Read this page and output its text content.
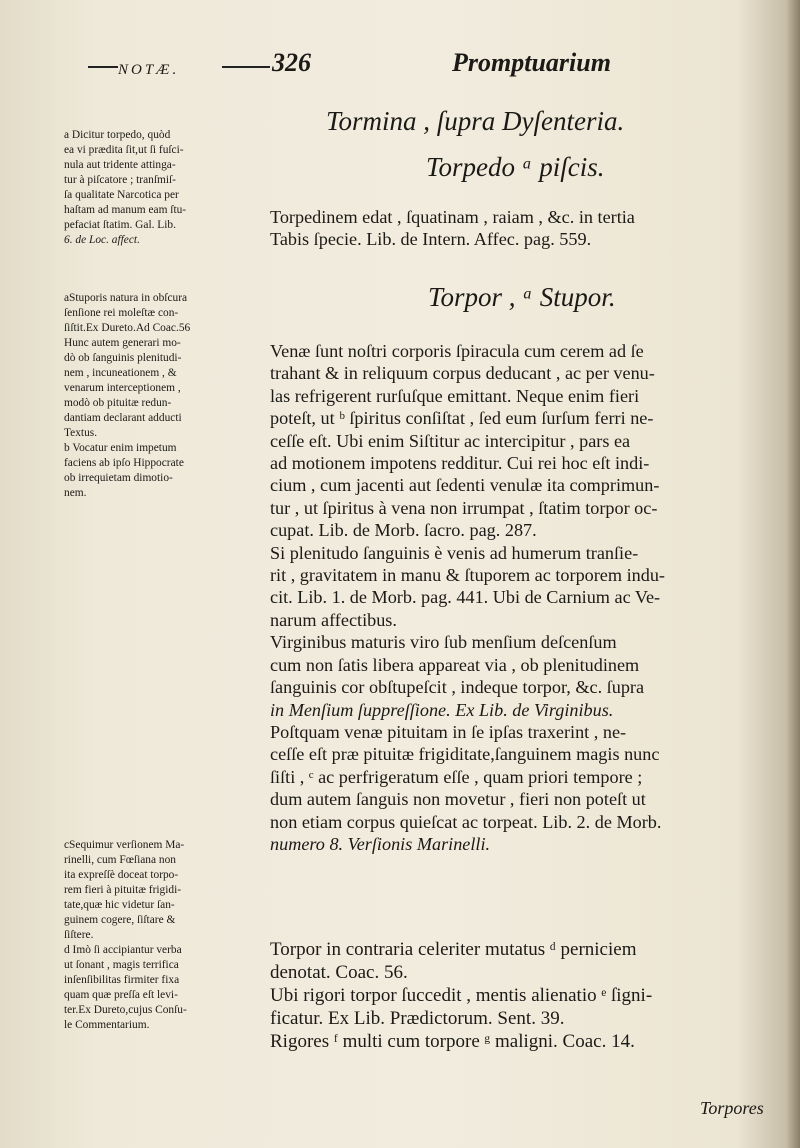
NOTÆ.	326	Promptuarium
a Dicitur torpedo, quòd
ea vi prædita ſit,ut ſi fuſci-
nula aut tridente attinga-
tur à piſcatore ; tranſmiſ-
ſa qualitate Narcotica per
haſtam ad manum eam ſtu-
pefaciat ſtatim. Gal. Lib.
6. de Loc. affect.
aStuporis natura in obſcura
ſenſione rei moleſtæ con-
ſiſtit.Ex Dureto.Ad Coac.56
Hunc autem generari mo-
dò ob ſanguinis plenitudi-
nem , incuneationem , &
venarum interceptionem ,
modò ob pituitæ redun-
dantiam declarant adducti
Textus.
b Vocatur enim impetum
faciens ab ipſo Hippocrate
ob irrequietam dimotio-
nem.
cSequimur verſionem Ma-
rinelli, cum Fœſiana non
ita expreſſè doceat torpo-
rem fieri à pituitæ frigidi-
tate,quæ hic videtur ſan-
guinem cogere, ſiſtare &
ſiſtere.
d Imò ſi accipiantur verba
ut ſonant , magis terrifica
inſenſibilitas firmiter fixa
quam quæ preſſa eſt levi-
ter.Ex Dureto,cujus Conſu-
le Commentarium.
Tormina , ſupra Dyſenteria.
Torpedo ᵃ piſcis.
Torpor , ᵃ Stupor.
Torpedinem edat , ſquatinam , raiam , &c. in tertia
Tabis ſpecie. Lib. de Intern. Affec. pag. 559.
Venæ ſunt noſtri corporis ſpiracula cum cerem ad ſe
trahant & in reliquum corpus deducant , ac per venu-
las refrigerent rurſuſque emittant. Neque enim fieri
poteſt, ut ᵇ ſpiritus conſiſtat , ſed eum ſurſum ferri ne-
ceſſe eſt. Ubi enim Siſtitur ac intercipitur , pars ea
ad motionem impotens redditur. Cui rei hoc eſt indi-
cium , cum jacenti aut ſedenti venulæ ita comprimun-
tur , ut ſpiritus à vena non irrumpat , ſtatim torpor oc-
cupat. Lib. de Morb. ſacro. pag. 287.
Si plenitudo ſanguinis è venis ad humerum tranſie-
rit , gravitatem in manu & ſtuporem ac torporem indu-
cit. Lib. 1. de Morb. pag. 441. Ubi de Carnium ac Ve-
narum affectibus.
Virginibus maturis viro ſub menſium deſcenſum
cum non ſatis libera appareat via , ob plenitudinem
ſanguinis cor obſtupeſcit , indeque torpor, &c. ſupra
in Menſium ſuppreſſione. Ex Lib. de Virginibus.
Poſtquam venæ pituitam in ſe ipſas traxerint , ne-
ceſſe eſt præ pituitæ frigiditate,ſanguinem magis nunc
ſiſti , ᶜ ac perfrigeratum eſſe , quam priori tempore ;
dum autem ſanguis non movetur , fieri non poteſt ut
non etiam corpus quieſcat ac torpeat. Lib. 2. de Morb.
numero 8. Verſionis Marinelli.
Torpor in contraria celeriter mutatus ᵈ perniciem
denotat. Coac. 56.
Ubi rigori torpor ſuccedit , mentis alienatio ᵉ ſigni-
ficatur. Ex Lib. Prædictorum. Sent. 39.
Rigores ᶠ multi cum torpore ᵍ maligni. Coac. 14.
Torpores
